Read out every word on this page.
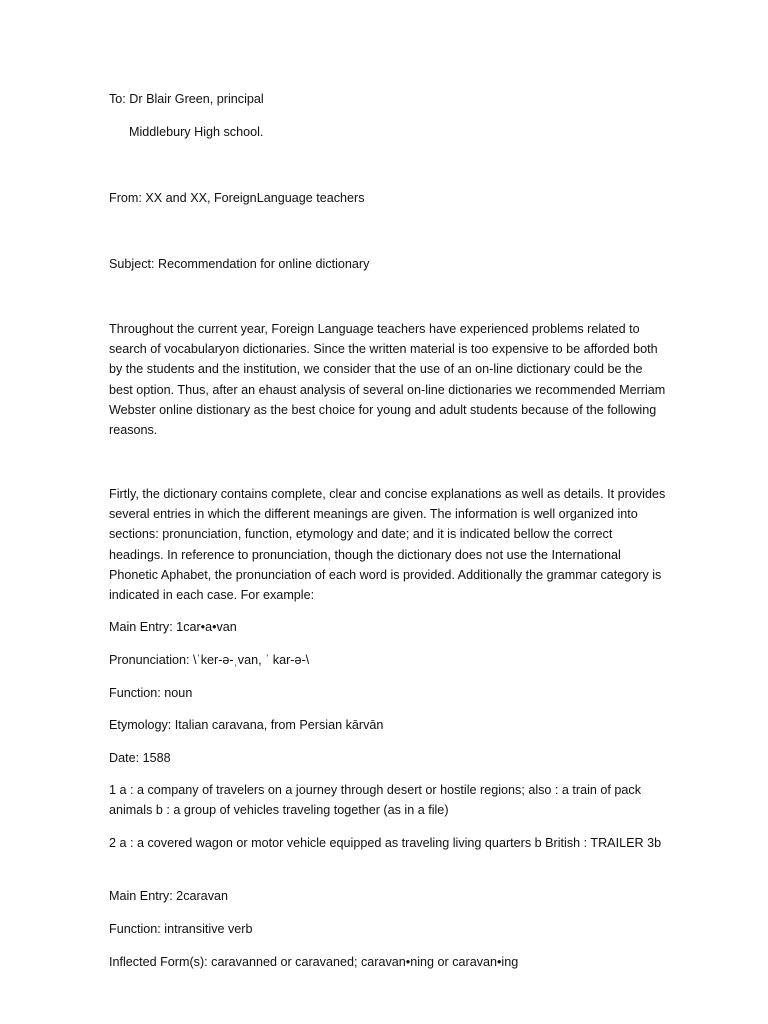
To: Dr Blair Green, principal
Middlebury High school.
From: XX and XX, ForeignLanguage teachers
Subject: Recommendation for online dictionary
Throughout the current year, Foreign Language teachers have experienced problems related to search of vocabularyon dictionaries. Since the written material is too expensive to be afforded both by the students and the institution, we consider that the use of an on-line dictionary could be the best option. Thus, after an ehaust analysis of several on-line dictionaries we recommended Merriam Webster online distionary as the best choice for young and adult students because of the following reasons.
Firtly, the dictionary contains complete, clear and concise explanations as well as details. It provides several entries in which the different meanings are given. The information is well organized into sections: pronunciation, function, etymology and date; and it is indicated bellow the correct headings. In reference to pronunciation, though the dictionary does not use the International Phonetic Aphabet, the pronunciation of each word is provided. Additionally the grammar category is indicated in each case. For example:
Main Entry: 1car•a•van
Pronunciation: \ˈker-ə-ˌvan, ˈ kar-ə-\
Function: noun
Etymology: Italian caravana, from Persian kārvān
Date: 1588
1 a : a company of travelers on a journey through desert or hostile regions; also : a train of pack animals b : a group of vehicles traveling together (as in a file)
2 a : a covered wagon or motor vehicle equipped as traveling living quarters b British : TRAILER 3b
Main Entry: 2caravan
Function: intransitive verb
Inflected Form(s): caravanned or caravaned; caravan•ning or caravan•ing
